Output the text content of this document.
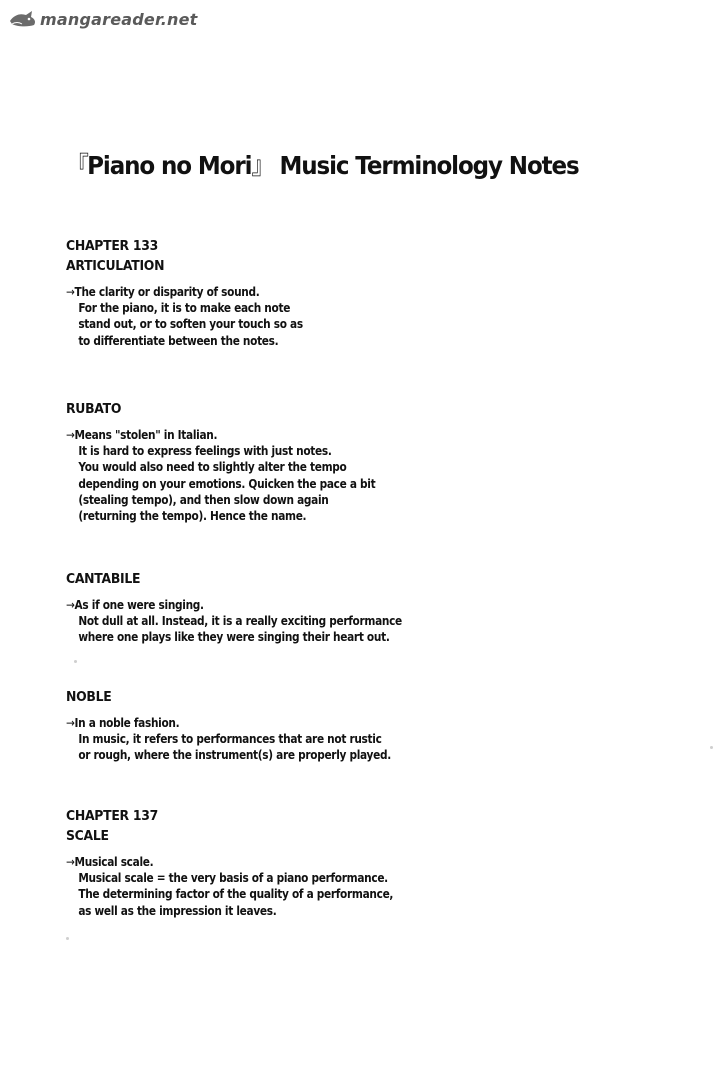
mangareader.net
『Piano no Mori』 Music Terminology Notes
CHAPTER 133
ARTICULATION
→The clarity or disparity of sound.
For the piano, it is to make each note
stand out, or to soften your touch so as
to differentiate between the notes.
RUBATO
→Means "stolen" in Italian.
It is hard to express feelings with just notes.
You would also need to slightly alter the tempo
depending on your emotions. Quicken the pace a bit
(stealing tempo), and then slow down again
(returning the tempo). Hence the name.
CANTABILE
→As if one were singing.
Not dull at all. Instead, it is a really exciting performance
where one plays like they were singing their heart out.
NOBLE
→In a noble fashion.
In music, it refers to performances that are not rustic
or rough, where the instrument(s) are properly played.
CHAPTER 137
SCALE
→Musical scale.
Musical scale = the very basis of a piano performance.
The determining factor of the quality of a performance,
as well as the impression it leaves.
